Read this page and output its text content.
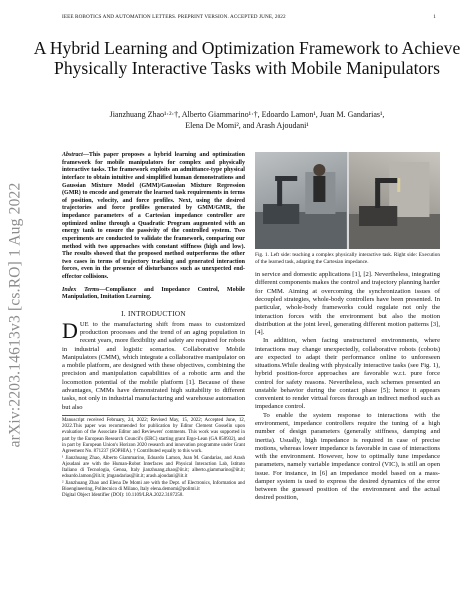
IEEE ROBOTICS AND AUTOMATION LETTERS. PREPRINT VERSION. ACCEPTED JUNE, 2022	1
arXiv:2203.14613v3 [cs.RO] 1 Aug 2022
A Hybrid Learning and Optimization Framework to Achieve Physically Interactive Tasks with Mobile Manipulators
Jianzhuang Zhao¹·²·†, Alberto Giammarino¹·†, Edoardo Lamon¹, Juan M. Gandarias¹,
Elena De Momi², and Arash Ajoudani¹

Abstract—This paper proposes a hybrid learning and optimization framework for mobile manipulators for complex and physically interactive tasks. The framework exploits an admittance-type physical interface to obtain intuitive and simplified human demonstrations and Gaussian Mixture Model (GMM)/Gaussian Mixture Regression (GMR) to encode and generate the learned task requirements in terms of position, velocity, and force profiles. Next, using the desired trajectories and force profiles generated by GMM/GMR, the impedance parameters of a Cartesian impedance controller are optimized online through a Quadratic Program augmented with an energy tank to ensure the passivity of the controlled system. Two experiments are conducted to validate the framework, comparing our method with two approaches with constant stiffness (high and low). The results showed that the proposed method outperforms the other two cases in terms of trajectory tracking and generated interaction forces, even in the presence of disturbances such as unexpected end-effector collisions.

Index Terms—Compliance and Impedance Control, Mobile Manipulation, Imitation Learning.

I. INTRODUCTION

DUE to the manufacturing shift from mass to customized production processes and the trend of an aging population in recent years, more flexibility and safety are required for robots in industrial and logistic scenarios. Collaborative Mobile Manipulators (CMM), which integrate a collaborative manipulator on a mobile platform, are designed with these objectives, combining the precision and manipulation capabilities of a robotic arm and the locomotion potential of the mobile platform [1]. Because of these advantages, CMMs have demonstrated high suitability to different tasks, not only in industrial manufacturing and warehouse automation but also

Manuscript received February, 24, 2022; Revised May, 15, 2022; Accepted June, 12, 2022.This paper was recommended for publication by Editor Clement Gosselin upon evaluation of the Associate Editor and Reviewers' comments. This work was supported in part by the European Research Council's (ERC) starting grant Ergo-Lean (GA 850932), and in part by European Union's Horizon 2020 research and innovation programme under Grant Agreement No. 871237 (SOPHIA). † Contributed equally to this work.

¹ Jianzhuang Zhao, Alberto Giammarino, Edoardo Lamon, Juan M. Gandarias, and Arash Ajoudani are with the Human-Robot Interfaces and Physical Interaction Lab, Istituto Italiano di Tecnologia, Genoa, Italy jianzhuang.zhao@iit.it; alberto.giammarino@iit.it; edoardo.lamon@iit.it; jmgandarias@iit.it; arash.ajoudani@iit.it

² Jianzhuang Zhao and Elena De Momi are with the Dept. of Electronics, Information and Bioengineering, Politecnico di Milano, Italy elena.demomi@polimi.it

Digital Object Identifier (DOI): 10.1109/LRA.2022.3187258.

Fig. 1. Left side: teaching a complex physically interactive task. Right side: Execution of the learned task, adapting the Cartesian impedance.

in service and domestic applications [1], [2]. Nevertheless, integrating different components makes the control and trajectory planning harder for CMM. Aiming at overcoming the synchronization issues of decoupled strategies, whole-body controllers have been presented. In particular, whole-body frameworks could regulate not only the interaction forces with the environment but also the motion distribution at the joint level, generating different motion patterns [3], [4].

In addition, when facing unstructured environments, where interactions may change unexpectedly, collaborative robots (cobots) are expected to adapt their performance online to unforeseen situations.While dealing with physically interactive tasks (see Fig. 1), hybrid position-force approaches are favorable w.r.t. pure force control for safety reasons. Nevertheless, such schemes presented an unstable behavior during the contact phase [5]; hence it appears convenient to render virtual forces through an indirect method such as impedance control.

To enable the system response to interactions with the environment, impedance controllers require the tuning of a high number of design parameters (generally stiffness, damping and inertia). Usually, high impedance is required in case of precise motions, whereas lower impedance is favorable in case of interactions with the environment. However, how to optimally tune impedance parameters, namely variable impedance control (VIC), is still an open issue. For instance, in [6] an impedance model based on a mass-damper system is used to express the desired dynamics of the error between the guessed position of the environment and the actual desired position,
